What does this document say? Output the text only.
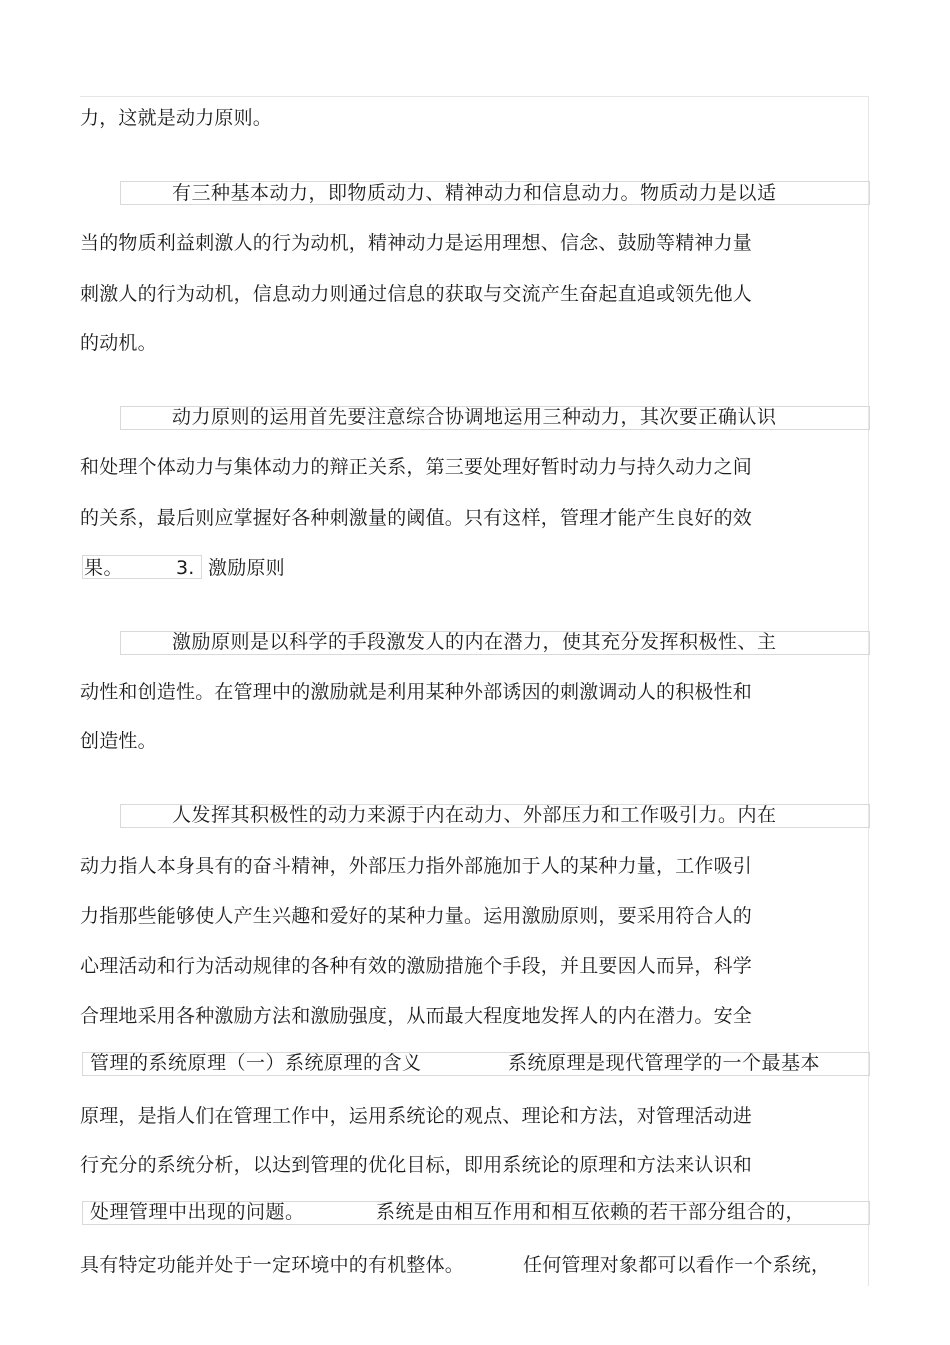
力，这就是动力原则。
有三种基本动力，即物质动力、精神动力和信息动力。物质动力是以适
当的物质利益刺激人的行为动机，精神动力是运用理想、信念、鼓励等精神力量
刺激人的行为动机，信息动力则通过信息的获取与交流产生奋起直追或领先他人
的动机。
动力原则的运用首先要注意综合协调地运用三种动力，其次要正确认识
和处理个体动力与集体动力的辩正关系，第三要处理好暂时动力与持久动力之间
的关系，最后则应掌握好各种刺激量的阈值。只有这样，管理才能产生良好的效
果。	3. 激励原则
激励原则是以科学的手段激发人的内在潜力，使其充分发挥积极性、主
动性和创造性。在管理中的激励就是利用某种外部诱因的刺激调动人的积极性和
创造性。
人发挥其积极性的动力来源于内在动力、外部压力和工作吸引力。内在
动力指人本身具有的奋斗精神，外部压力指外部施加于人的某种力量，工作吸引
力指那些能够使人产生兴趣和爱好的某种力量。运用激励原则，要采用符合人的
心理活动和行为活动规律的各种有效的激励措施个手段，并且要因人而异，科学
合理地采用各种激励方法和激励强度，从而最大程度地发挥人的内在潜力。安全
管理的系统原理（一）系统原理的含义	系统原理是现代管理学的一个最基本
原理，是指人们在管理工作中，运用系统论的观点、理论和方法，对管理活动进
行充分的系统分析，以达到管理的优化目标，即用系统论的原理和方法来认识和
处理管理中出现的问题。	系统是由相互作用和相互依赖的若干部分组合的，
具有特定功能并处于一定环境中的有机整体。	任何管理对象都可以看作一个系统，
